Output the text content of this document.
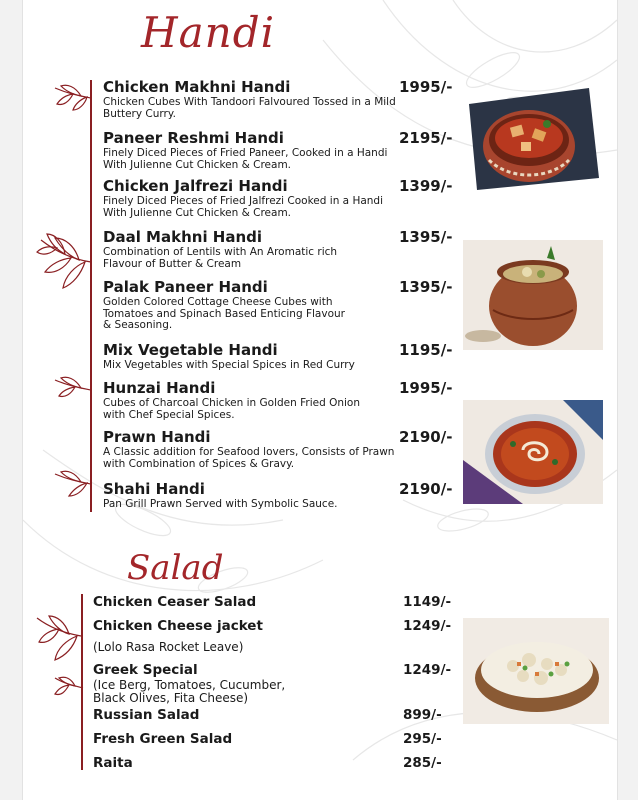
Handi
Chicken Makhni Handi	1995/-
Chicken Cubes With Tandoori Falvoured Tossed in a Mild Buttery Curry.
Paneer Reshmi Handi	2195/-
Finely Diced Pieces of Fried Paneer, Cooked in a Handi With Julienne Cut Chicken & Cream.
Chicken Jalfrezi Handi	1399/-
Finely Diced Pieces of Fried Jalfrezi Cooked in a Handi With Julienne Cut Chicken & Cream.
Daal Makhni Handi	1395/-
Combination of Lentils with An Aromatic rich Flavour of Butter & Cream
Palak Paneer Handi	1395/-
Golden Colored Cottage Cheese Cubes with Tomatoes and Spinach Based Enticing Flavour & Seasoning.
Mix Vegetable Handi	1195/-
Mix Vegetables with Special Spices in Red Curry
Hunzai Handi	1995/-
Cubes of Charcoal Chicken in Golden Fried Onion with Chef Special Spices.
Prawn Handi	2190/-
A Classic addition for Seafood lovers, Consists of Prawn with Combination of Spices & Gravy.
Shahi Handi	2190/-
Pan Grill Prawn Served with Symbolic Sauce.
Salad
Chicken Ceaser Salad	1149/-
Chicken Cheese jacket	1249/-
(Lolo Rasa Rocket Leave)
Greek Special	1249/-
(Ice Berg, Tomatoes, Cucumber, Black Olives, Fita Cheese)
Russian Salad	899/-
Fresh Green Salad	295/-
Raita	285/-
